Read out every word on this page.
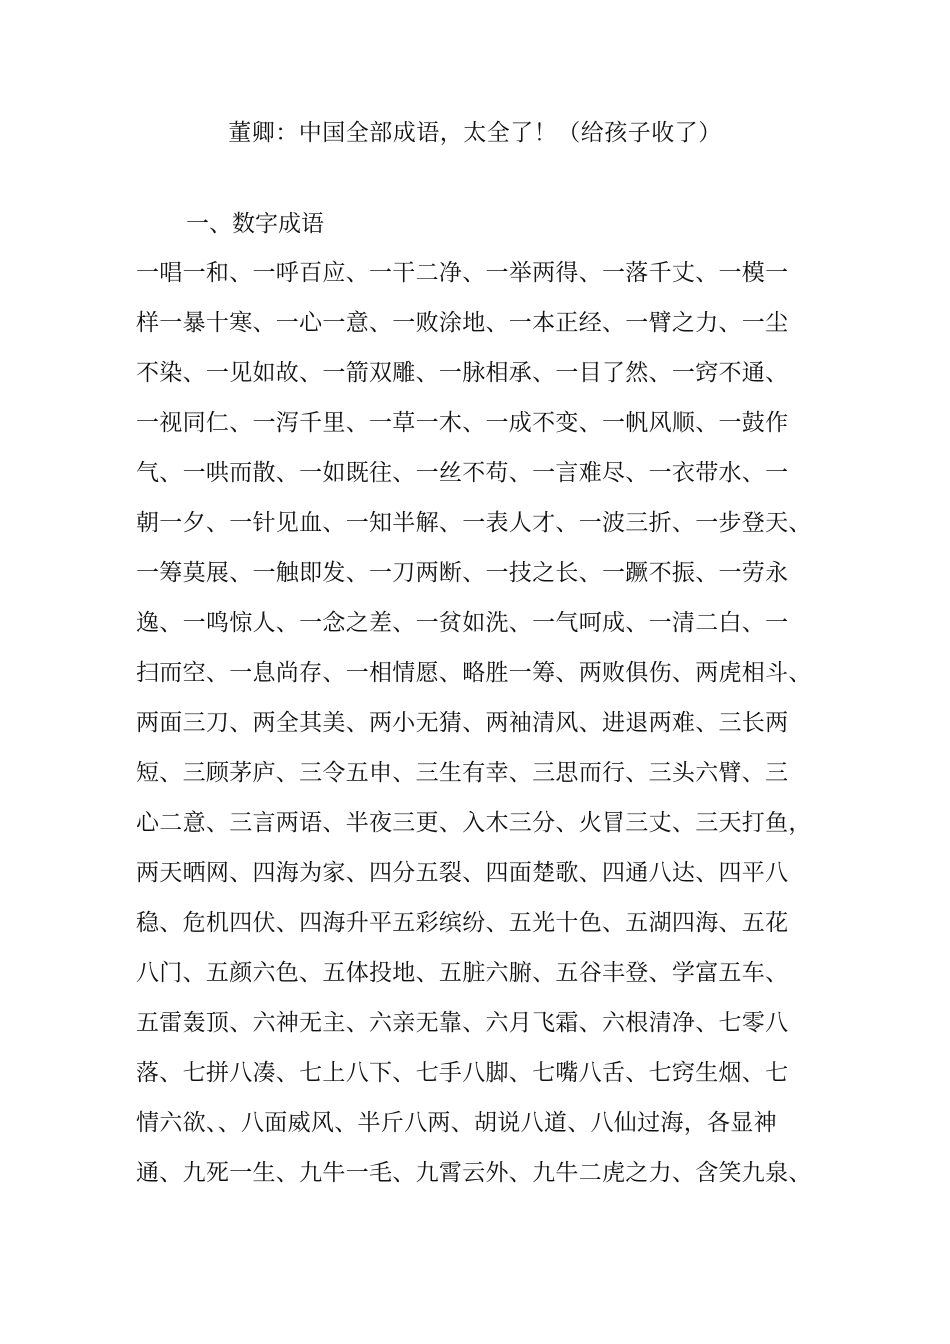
董卿：中国全部成语，太全了！（给孩子收了）
一、数字成语
一唱一和、一呼百应、一干二净、一举两得、一落千丈、一模一
样一暴十寒、一心一意、一败涂地、一本正经、一臂之力、一尘
不染、一见如故、一箭双雕、一脉相承、一目了然、一窍不通、
一视同仁、一泻千里、一草一木、一成不变、一帆风顺、一鼓作
气、一哄而散、一如既往、一丝不苟、一言难尽、一衣带水、一
朝一夕、一针见血、一知半解、一表人才、一波三折、一步登天、
一筹莫展、一触即发、一刀两断、一技之长、一蹶不振、一劳永
逸、一鸣惊人、一念之差、一贫如洗、一气呵成、一清二白、一
扫而空、一息尚存、一相情愿、略胜一筹、两败俱伤、两虎相斗、
两面三刀、两全其美、两小无猜、两袖清风、进退两难、三长两
短、三顾茅庐、三令五申、三生有幸、三思而行、三头六臂、三
心二意、三言两语、半夜三更、入木三分、火冒三丈、三天打鱼，
两天晒网、四海为家、四分五裂、四面楚歌、四通八达、四平八
稳、危机四伏、四海升平五彩缤纷、五光十色、五湖四海、五花
八门、五颜六色、五体投地、五脏六腑、五谷丰登、学富五车、
五雷轰顶、六神无主、六亲无靠、六月飞霜、六根清净、七零八
落、七拼八凑、七上八下、七手八脚、七嘴八舌、七窍生烟、七
情六欲、、八面威风、半斤八两、胡说八道、八仙过海，各显神
通、九死一生、九牛一毛、九霄云外、九牛二虎之力、含笑九泉、
